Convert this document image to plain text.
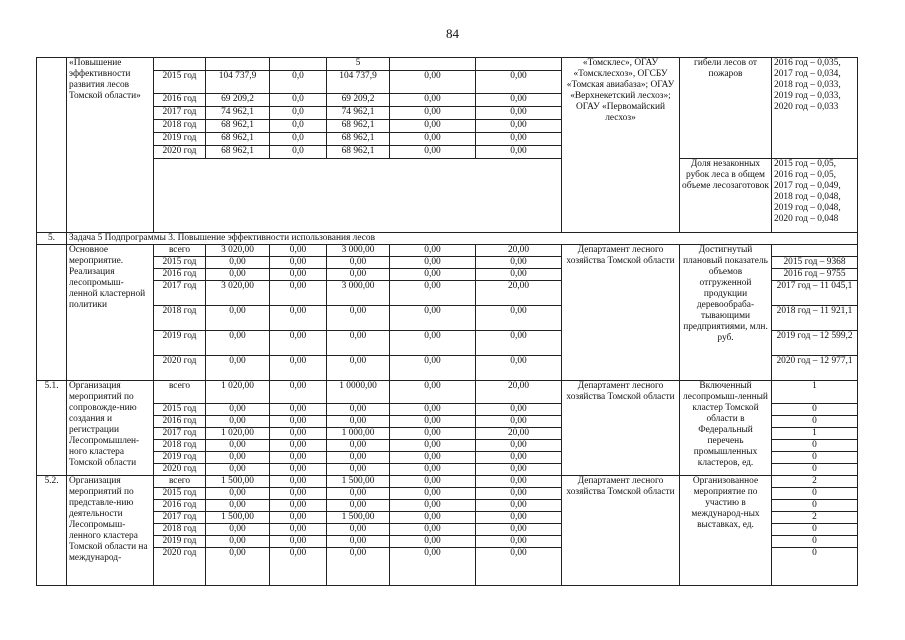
84
	«Повышение эффективности развития лесов Томской области»				5			«Томсклес», ОГАУ «Томсклесхоз», ОГСБУ «Томская авиабаза»; ОГАУ «Верхнекетский лесхоз»; ОГАУ «Первомайский лесхоз»	гибели лесов от пожаров	2016 год – 0,035, 2017 год – 0,034, 2018 год – 0,033, 2019 год – 0,033, 2020 год – 0,033
		2015 год	104 737,9	0,0	104 737,9	0,00	0,00			
		2016 год	69 209,2	0,0	69 209,2	0,00	0,00			
		2017 год	74 962,1	0,0	74 962,1	0,00	0,00			
		2018 год	68 962,1	0,0	68 962,1	0,00	0,00			
		2019 год	68 962,1	0,0	68 962,1	0,00	0,00			
		2020 год	68 962,1	0,0	68 962,1	0,00	0,00			
									Доля незаконных рубок леса в общем объеме лесозаготовок	2015 год – 0,05, 2016 год – 0,05, 2017 год – 0,049, 2018 год – 0,048, 2019 год – 0,048, 2020 год – 0,048

5.	Задача 5 Подпрограммы 3. Повышение эффективности использования лесов									
	Основное мероприятие. Реализация лесопромыш-ленной кластерной политики	всего	3 020,00	0,00	3 000,00	0,00	20,00	Департамент лесного хозяйства Томской области	Достигнутый плановый показатель объемов отгруженной продукции деревообраба-тывающими предприятиями, млн. руб.	
		2015 год	0,00	0,00	0,00	0,00	0,00			2015 год – 9368
		2016 год	0,00	0,00	0,00	0,00	0,00			2016 год – 9755
		2017 год	3 020,00	0,00	3 000,00	0,00	20,00			2017 год – 11 045,1
		2018 год	0,00	0,00	0,00	0,00	0,00			2018 год – 11 921,1
		2019 год	0,00	0,00	0,00	0,00	0,00			2019 год – 12 599,2
		2020 год	0,00	0,00	0,00	0,00	0,00			2020 год – 12 977,1
5.1.	Организация мероприятий по сопровожде-нию создания и регистрации Лесопромышлен-ного кластера Томской области	всего	1 020,00	0,00	1 0000,00	0,00	20,00	Департамент лесного хозяйства Томской области	Включенный лесопромыш-ленный кластер Томской области в Федеральный перечень промышленных кластеров, ед.	1
		2015 год	0,00	0,00	0,00	0,00	0,00			0
		2016 год	0,00	0,00	0,00	0,00	0,00			0
		2017 год	1 020,00	0,00	1 000,00	0,00	20,00			1
		2018 год	0,00	0,00	0,00	0,00	0,00			0
		2019 год	0,00	0,00	0,00	0,00	0,00			0
		2020 год	0,00	0,00	0,00	0,00	0,00			0
5.2.	Организация мероприятий по представле-нию деятельности Лесопромыш-ленного кластера Томской области на международ-	всего	1 500,00	0,00	1 500,00	0,00	0,00	Департамент лесного хозяйства Томской области	Организованное мероприятие по участию в международ-ных выставках, ед.	2
		2015 год	0,00	0,00	0,00	0,00	0,00			0
		2016 год	0,00	0,00	0,00	0,00	0,00			0
		2017 год	1 500,00	0,00	1 500,00	0,00	0,00			2
		2018 год	0,00	0,00	0,00	0,00	0,00			0
		2019 год	0,00	0,00	0,00	0,00	0,00			0
		2020 год	0,00	0,00	0,00	0,00	0,00			0
